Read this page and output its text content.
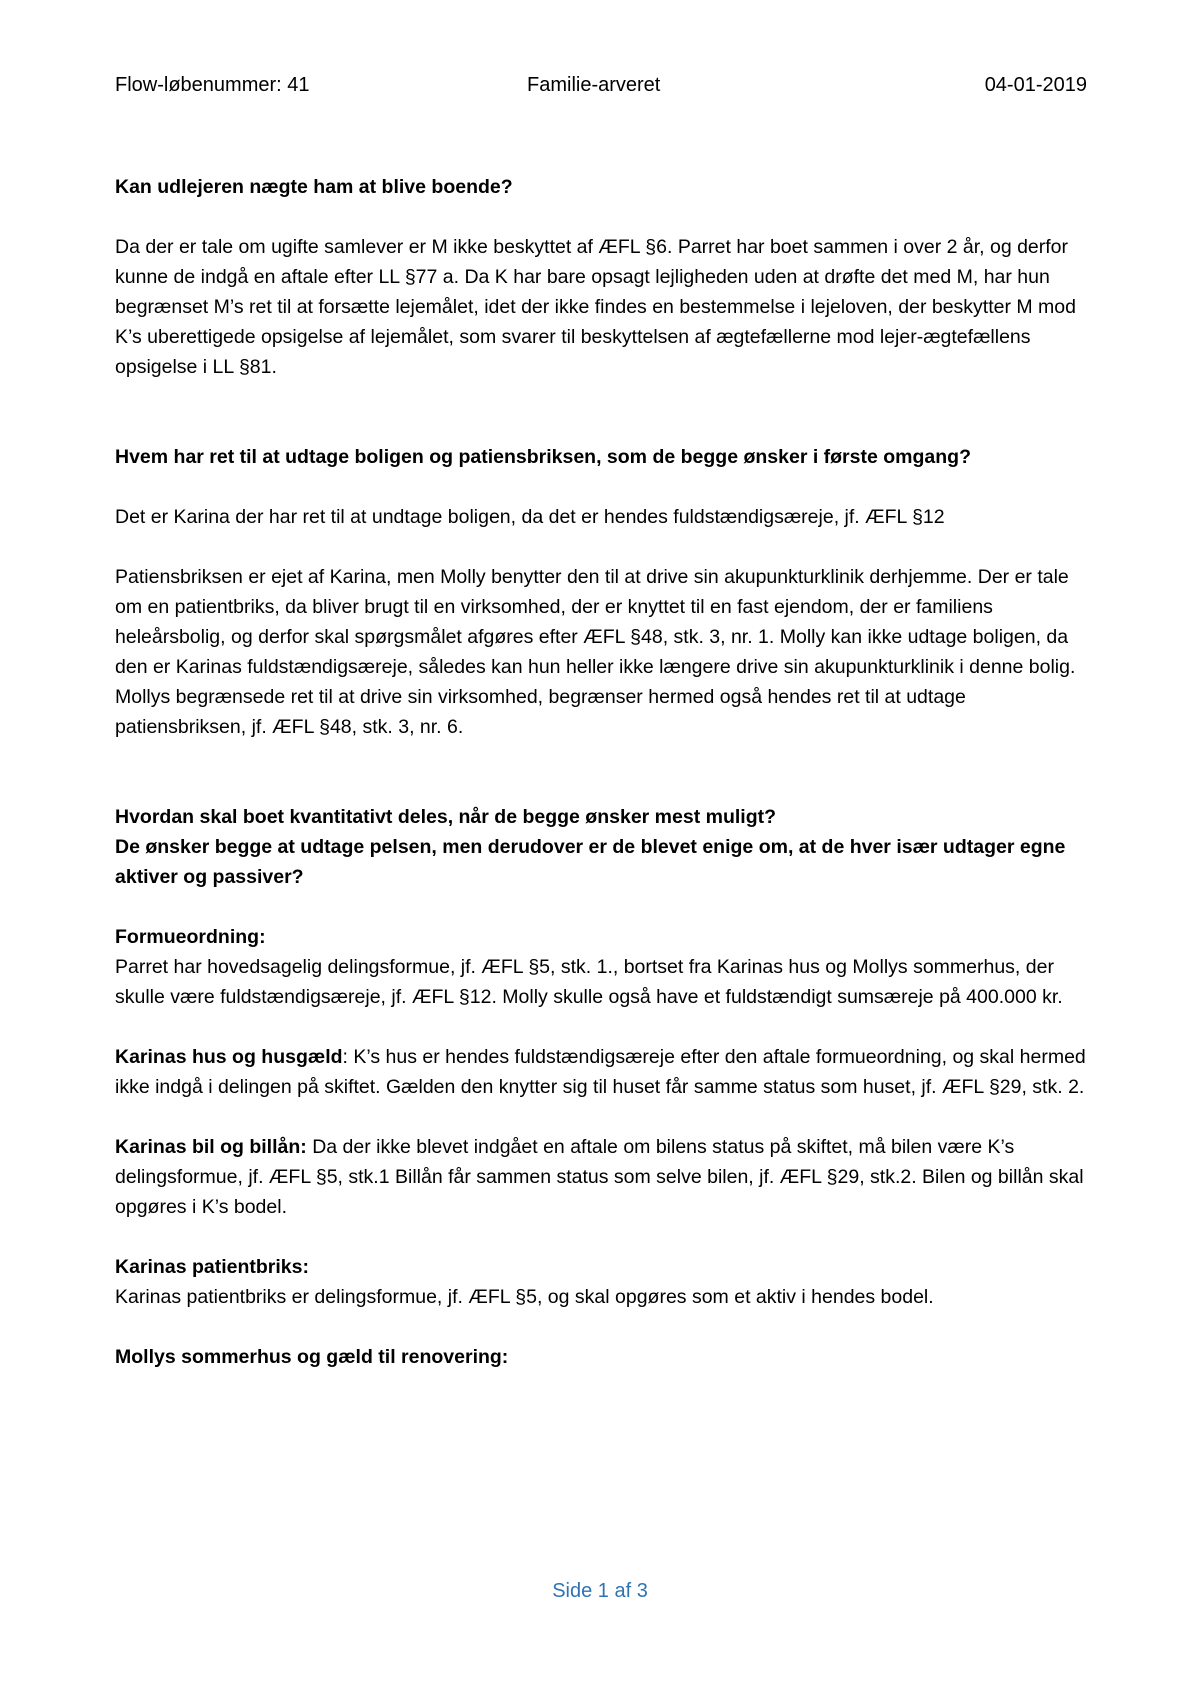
Flow-løbenummer: 41	Familie-arveret	04-01-2019

Kan udlejeren nægte ham at blive boende?

Da der er tale om ugifte samlever er M ikke beskyttet af ÆFL §6. Parret har boet sammen i over 2 år, og derfor kunne de indgå en aftale efter LL §77 a. Da K har bare opsagt lejligheden uden at drøfte det med M, har hun begrænset M’s ret til at forsætte lejemålet, idet der ikke findes en bestemmelse i lejeloven, der beskytter M mod K’s uberettigede opsigelse af lejemålet, som svarer til beskyttelsen af ægtefællerne mod lejer-ægtefællens opsigelse i LL §81.

Hvem har ret til at udtage boligen og patiensbriksen, som de begge ønsker i første omgang?

Det er Karina der har ret til at undtage boligen, da det er hendes fuldstændigsæreje, jf. ÆFL §12

Patiensbriksen er ejet af Karina, men Molly benytter den til at drive sin akupunkturklinik derhjemme. Der er tale om en patientbriks, da bliver brugt til en virksomhed, der er knyttet til en fast ejendom, der er familiens heleårsbolig, og derfor skal spørgsmålet afgøres efter ÆFL §48, stk. 3, nr. 1. Molly kan ikke udtage boligen, da den er Karinas fuldstændigsæreje, således kan hun heller ikke længere drive sin akupunkturklinik i denne bolig. Mollys begrænsede ret til at drive sin virksomhed, begrænser hermed også hendes ret til at udtage patiensbriksen, jf. ÆFL §48, stk. 3, nr. 6.

Hvordan skal boet kvantitativt deles, når de begge ønsker mest muligt?

De ønsker begge at udtage pelsen, men derudover er de blevet enige om, at de hver især udtager egne aktiver og passiver?

Formueordning:

Parret har hovedsagelig delingsformue, jf. ÆFL §5, stk. 1., bortset fra Karinas hus og Mollys sommerhus, der skulle være fuldstændigsæreje, jf. ÆFL §12. Molly skulle også have et fuldstændigt sumsæreje på 400.000 kr.

Karinas hus og husgæld: K’s hus er hendes fuldstændigsæreje efter den aftale formueordning, og skal hermed ikke indgå i delingen på skiftet. Gælden den knytter sig til huset får samme status som huset, jf. ÆFL §29, stk. 2.

Karinas bil og billån: Da der ikke blevet indgået en aftale om bilens status på skiftet, må bilen være K’s delingsformue, jf. ÆFL §5, stk.1 Billån får sammen status som selve bilen, jf. ÆFL §29, stk.2. Bilen og billån skal opgøres i K’s bodel.

Karinas patientbriks:

Karinas patientbriks er delingsformue, jf. ÆFL §5, og skal opgøres som et aktiv i hendes bodel.

Mollys sommerhus og gæld til renovering:

Side 1 af 3
